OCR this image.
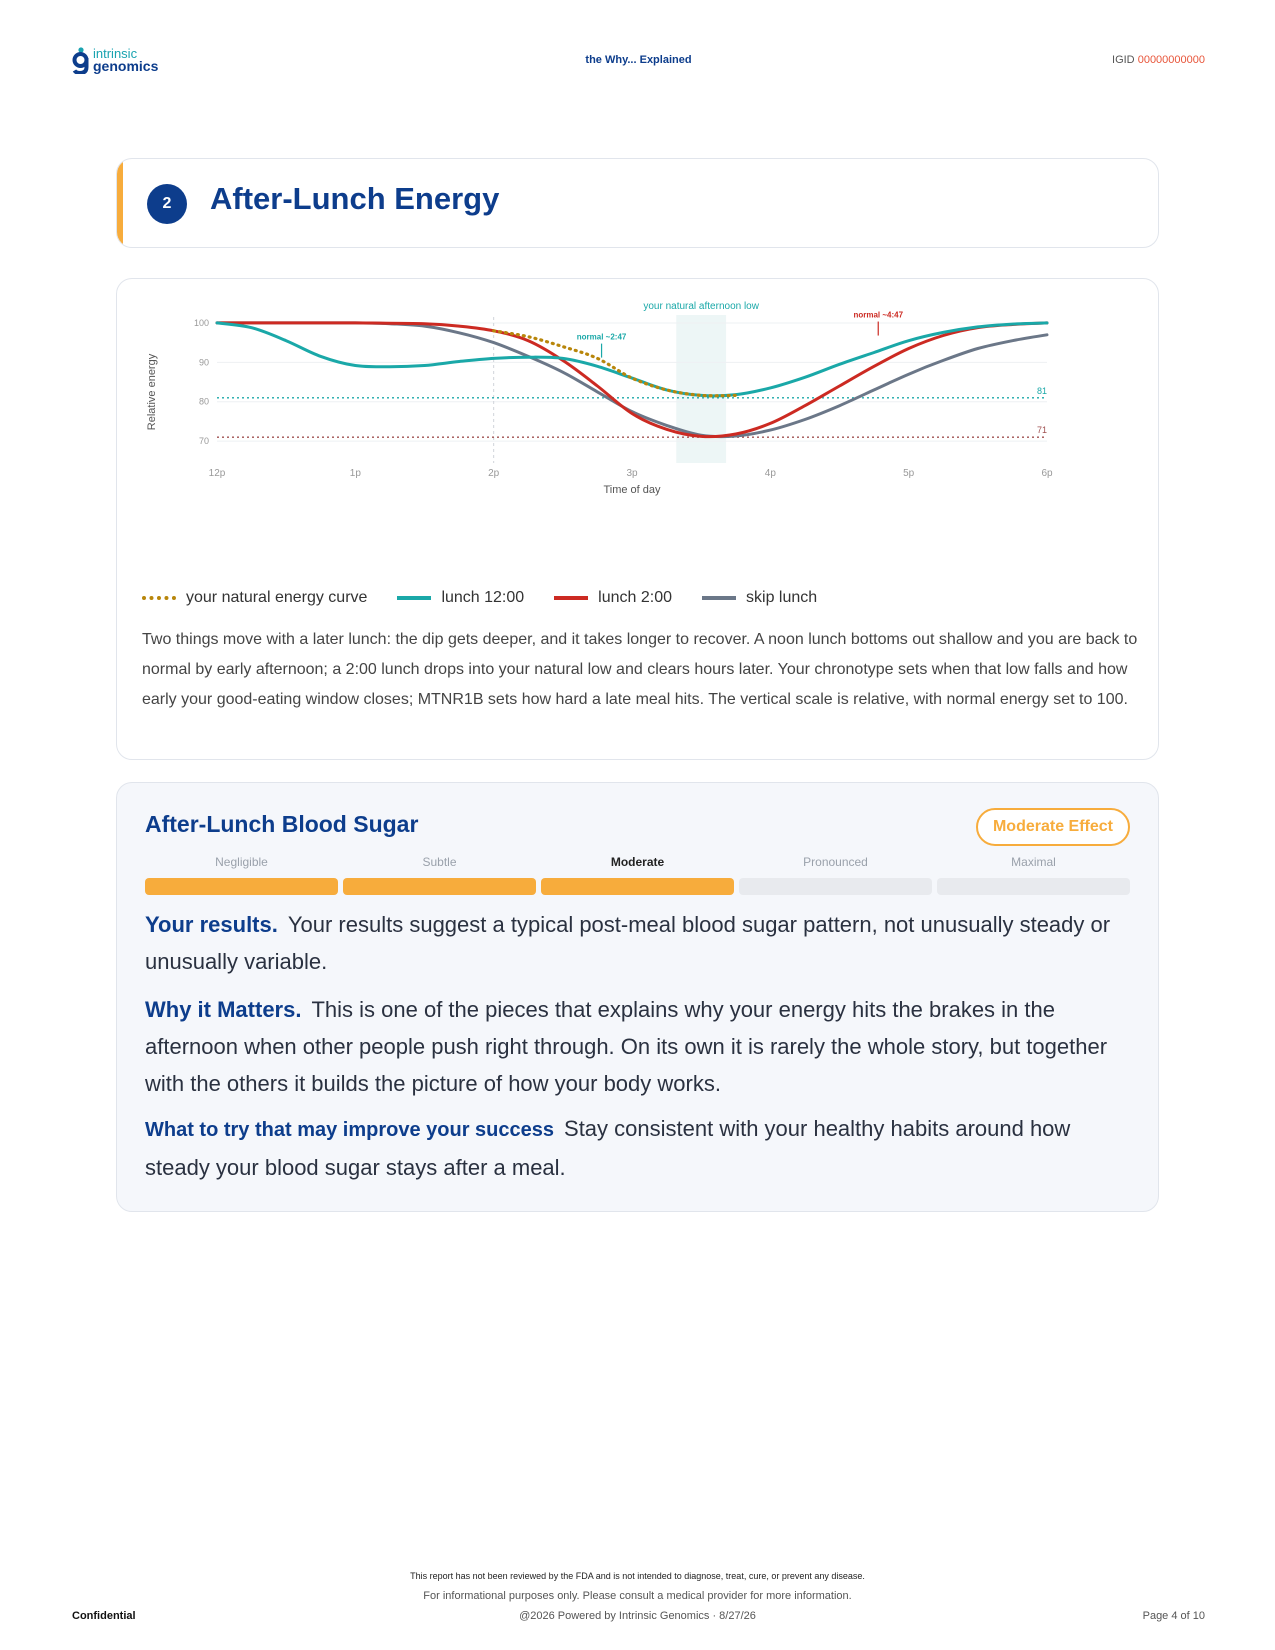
intrinsic
genomics	the Why... Explained	IGID 00000000000
2	After-Lunch Energy
your natural afternoon low
70
80
90
100
12p	1p	2p	3p	4p	5p	6p
Time of day
Relative energy	81
71
normal ~2:47
normal ~4:47
your natural energy curve	lunch 12:00	lunch 2:00	skip lunch

Two things move with a later lunch: the dip gets deeper, and it takes longer to recover. A noon lunch bottoms out shallow and you are back to normal by early afternoon; a 2:00 lunch drops into your natural low and clears hours later. Your chronotype sets when that low falls and how early your good-eating window closes; MTNR1B sets how hard a late meal hits. The vertical scale is relative, with normal energy set to 100.

After-Lunch Blood Sugar	Moderate Effect
Negligible	Subtle	Moderate	Pronounced	Maximal

Your results. Your results suggest a typical post-meal blood sugar pattern, not unusually steady or unusually variable.

Why it Matters. This is one of the pieces that explains why your energy hits the brakes in the afternoon when other people push right through. On its own it is rarely the whole story, but together with the others it builds the picture of how your body works.

What to try that may improve your success Stay consistent with your healthy habits around how steady your blood sugar stays after a meal.

This report has not been reviewed by the FDA and is not intended to diagnose, treat, cure, or prevent any disease.
For informational purposes only. Please consult a medical provider for more information.
@2026 Powered by Intrinsic Genomics · 8/27/26
Confidential	Page 4 of 10
